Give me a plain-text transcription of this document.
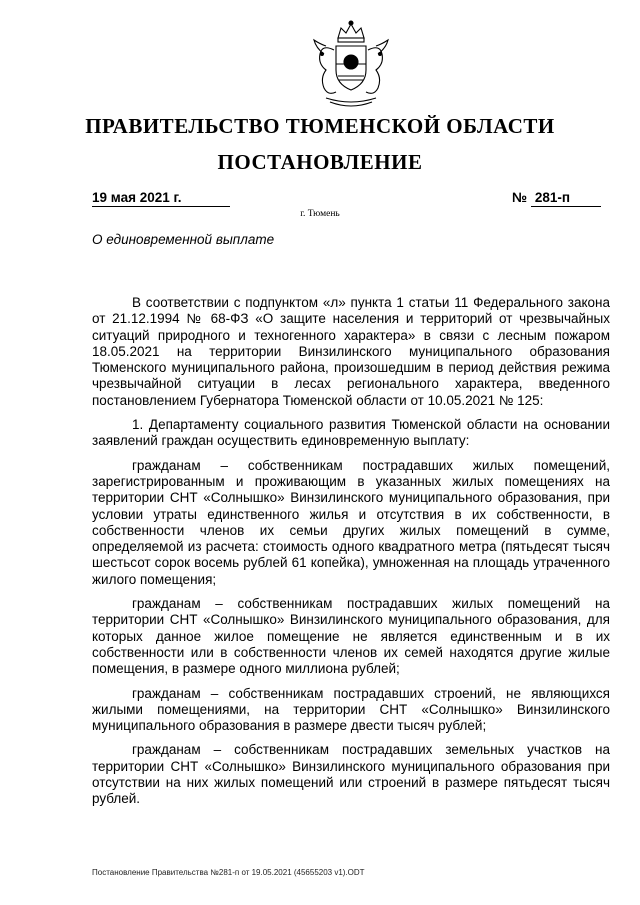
ПРАВИТЕЛЬСТВО ТЮМЕНСКОЙ ОБЛАСТИ
ПОСТАНОВЛЕНИЕ
19 мая 2021 г.	№ 281-п
г. Тюмень
О единовременной выплате

В соответствии с подпунктом «л» пункта 1 статьи 11 Федерального закона от 21.12.1994 № 68-ФЗ «О защите населения и территорий от чрезвычайных ситуаций природного и техногенного характера» в связи с лесным пожаром 18.05.2021 на территории Винзилинского муниципального образования Тюменского муниципального района, произошедшим в период действия режима чрезвычайной ситуации в лесах регионального характера, введенного постановлением Губернатора Тюменской области от 10.05.2021 № 125:

1. Департаменту социального развития Тюменской области на основании заявлений граждан осуществить единовременную выплату:

гражданам – собственникам пострадавших жилых помещений, зарегистрированным и проживающим в указанных жилых помещениях на территории СНТ «Солнышко» Винзилинского муниципального образования, при условии утраты единственного жилья и отсутствия в их собственности, в собственности членов их семьи других жилых помещений в сумме, определяемой из расчета: стоимость одного квадратного метра (пятьдесят тысяч шестьсот сорок восемь рублей 61 копейка), умноженная на площадь утраченного жилого помещения;

гражданам – собственникам пострадавших жилых помещений на территории СНТ «Солнышко» Винзилинского муниципального образования, для которых данное жилое помещение не является единственным и в их собственности или в собственности членов их семей находятся другие жилые помещения, в размере одного миллиона рублей;

гражданам – собственникам пострадавших строений, не являющихся жилыми помещениями, на территории СНТ «Солнышко» Винзилинского муниципального образования в размере двести тысяч рублей;

гражданам – собственникам пострадавших земельных участков на территории СНТ «Солнышко» Винзилинского муниципального образования при отсутствии на них жилых помещений или строений в размере пятьдесят тысяч рублей.

Постановление Правительства №281-п от 19.05.2021 (45655203 v1).ODT
